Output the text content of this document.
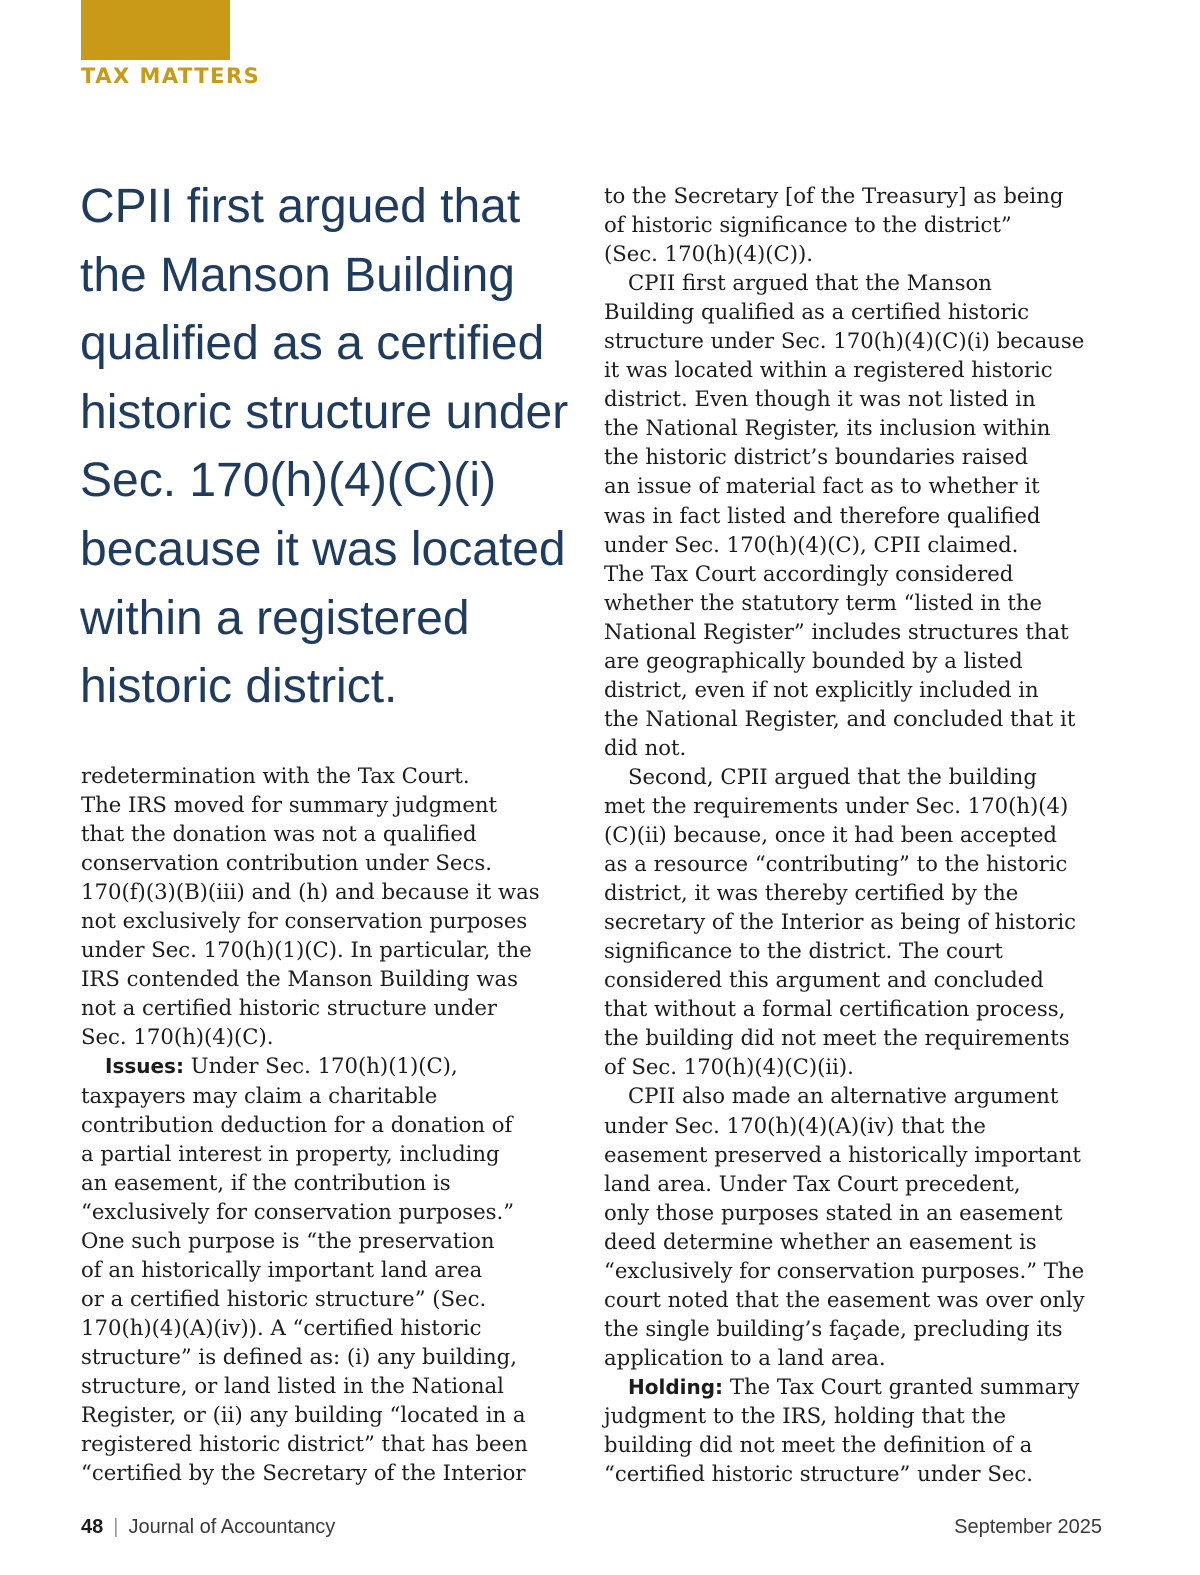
TAX MATTERS
CPII first argued that
the Manson Building
qualified as a certified
historic structure under
Sec. 170(h)(4)(C)(i)
because it was located
within a registered
historic district.
redetermination with the Tax Court.
The IRS moved for summary judgment
that the donation was not a qualified
conservation contribution under Secs.
170(f)(3)(B)(iii) and (h) and because it was
not exclusively for conservation purposes
under Sec. 170(h)(1)(C). In particular, the
IRS contended the Manson Building was
not a certified historic structure under
Sec. 170(h)(4)(C).
Issues: Under Sec. 170(h)(1)(C),
taxpayers may claim a charitable
contribution deduction for a donation of
a partial interest in property, including
an easement, if the contribution is
“exclusively for conservation purposes.”
One such purpose is “the preservation
of an historically important land area
or a certified historic structure” (Sec.
170(h)(4)(A)(iv)). A “certified historic
structure” is defined as: (i) any building,
structure, or land listed in the National
Register, or (ii) any building “located in a
registered historic district” that has been
“certified by the Secretary of the Interior
to the Secretary [of the Treasury] as being
of historic significance to the district”
(Sec. 170(h)(4)(C)).
CPII first argued that the Manson
Building qualified as a certified historic
structure under Sec. 170(h)(4)(C)(i) because
it was located within a registered historic
district. Even though it was not listed in
the National Register, its inclusion within
the historic district’s boundaries raised
an issue of material fact as to whether it
was in fact listed and therefore qualified
under Sec. 170(h)(4)(C), CPII claimed.
The Tax Court accordingly considered
whether the statutory term “listed in the
National Register” includes structures that
are geographically bounded by a listed
district, even if not explicitly included in
the National Register, and concluded that it
did not.
Second, CPII argued that the building
met the requirements under Sec. 170(h)(4)
(C)(ii) because, once it had been accepted
as a resource “contributing” to the historic
district, it was thereby certified by the
secretary of the Interior as being of historic
significance to the district. The court
considered this argument and concluded
that without a formal certification process,
the building did not meet the requirements
of Sec. 170(h)(4)(C)(ii).
CPII also made an alternative argument
under Sec. 170(h)(4)(A)(iv) that the
easement preserved a historically important
land area. Under Tax Court precedent,
only those purposes stated in an easement
deed determine whether an easement is
“exclusively for conservation purposes.” The
court noted that the easement was over only
the single building’s façade, precluding its
application to a land area.
Holding: The Tax Court granted summary
judgment to the IRS, holding that the
building did not meet the definition of a
“certified historic structure” under Sec.
48 | Journal of Accountancy	September 2025
